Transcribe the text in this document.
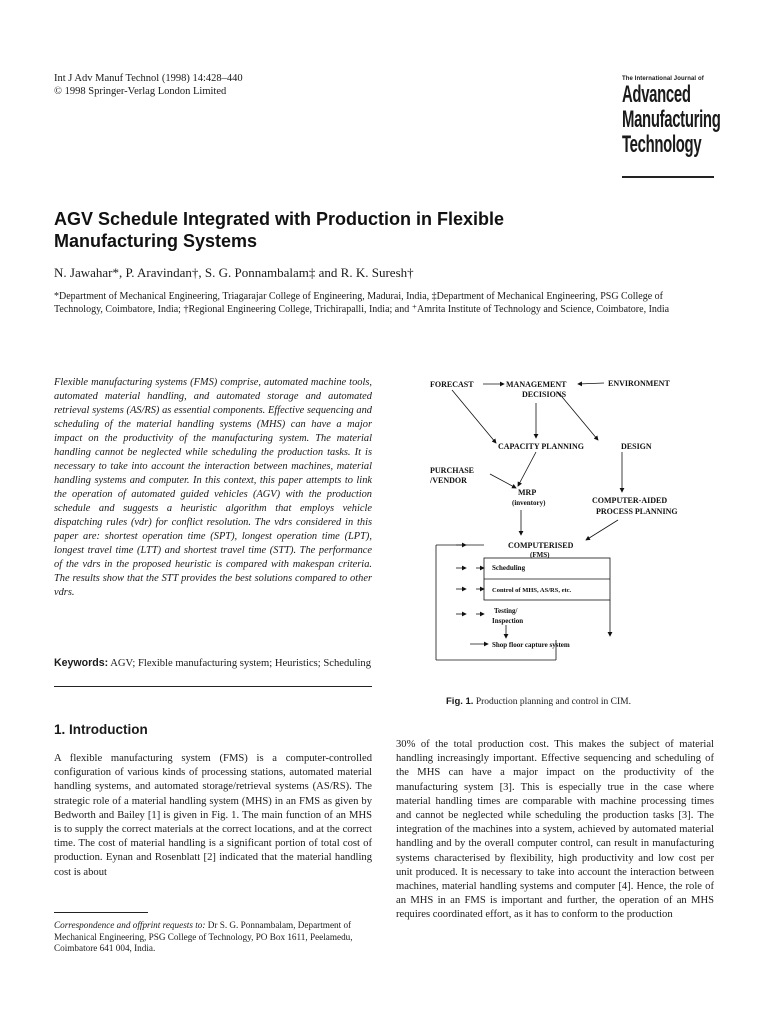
Int J Adv Manuf Technol (1998) 14:428–440
© 1998 Springer-Verlag London Limited
The International Journal of
Advanced
Manufacturing
Technology
AGV Schedule Integrated with Production in Flexible
Manufacturing Systems
N. Jawahar*, P. Aravindan†, S. G. Ponnambalam‡ and R. K. Suresh†
*Department of Mechanical Engineering, Triagarajar College of Engineering, Madurai, India, ‡Department of Mechanical Engineering, PSG College of Technology, Coimbatore, India; †Regional Engineering College, Trichirapalli, India; and ⁺Amrita Institute of Technology and Science, Coimbatore, India
Flexible manufacturing systems (FMS) comprise, automated machine tools, automated material handling, and automated storage and automated retrieval systems (AS/RS) as essential components. Effective sequencing and scheduling of the material handling systems (MHS) can have a major impact on the productivity of the manufacturing system. The material handling cannot be neglected while scheduling the production tasks. It is necessary to take into account the interaction between machines, material handling systems and computer. In this context, this paper attempts to link the operation of automated guided vehicles (AGV) with the production schedule and suggests a heuristic algorithm that employs vehicle dispatching rules (vdr) for conflict resolution. The vdrs considered in this paper are: shortest operation time (SPT), longest operation time (LPT), longest travel time (LTT) and shortest travel time (STT). The performance of the vdrs in the proposed heuristic is compared with makespan criteria. The results show that the STT provides the best solutions compared to other vdrs.
Keywords: AGV; Flexible manufacturing system; Heuristics; Scheduling
1. Introduction
A flexible manufacturing system (FMS) is a computer-controlled configuration of various kinds of processing stations, automated material handling systems, and automated storage/retrieval systems (AS/RS). The strategic role of a material handling system (MHS) in an FMS as given by Bedworth and Bailey [1] is given in Fig. 1. The main function of an MHS is to supply the correct materials at the correct locations, and at the correct time. The cost of material handling is a significant portion of total cost of production. Eynan and Rosenblatt [2] indicated that the material handling cost is about
30% of the total production cost. This makes the subject of material handling increasingly important. Effective sequencing and scheduling of the MHS can have a major impact on the productivity of the manufacturing system [3]. This is especially true in the case where material handling times are comparable with machine processing times and cannot be neglected while scheduling the production tasks [3]. The integration of the machines into a system, achieved by automated material handling and by the overall computer control, can result in manufacturing systems characterised by flexibility, high productivity and low cost per unit produced. It is necessary to take into account the interaction between machines, material handling systems and computer [4]. Hence, the role of an MHS in an FMS is important and further, the operation of an MHS requires coordinated effort, as it has to conform to the production
Correspondence and offprint requests to: Dr S. G. Ponnambalam, Department of Mechanical Engineering, PSG College of Technology, PO Box 1611, Peelamedu, Coimbatore 641 004, India.
FORECAST	MANAGEMENT
DECISIONS
ENVIRONMENT
CAPACITY PLANNING	DESIGN
PURCHASE
/VENDOR
MRP
(inventory)	COMPUTER-AIDED
PROCESS PLANNING
COMPUTERISED
(FMS)
Scheduling
Control of MHS, AS/RS, etc.
Testing/
Inspection
Shop floor capture system
Fig. 1. Production planning and control in CIM.
